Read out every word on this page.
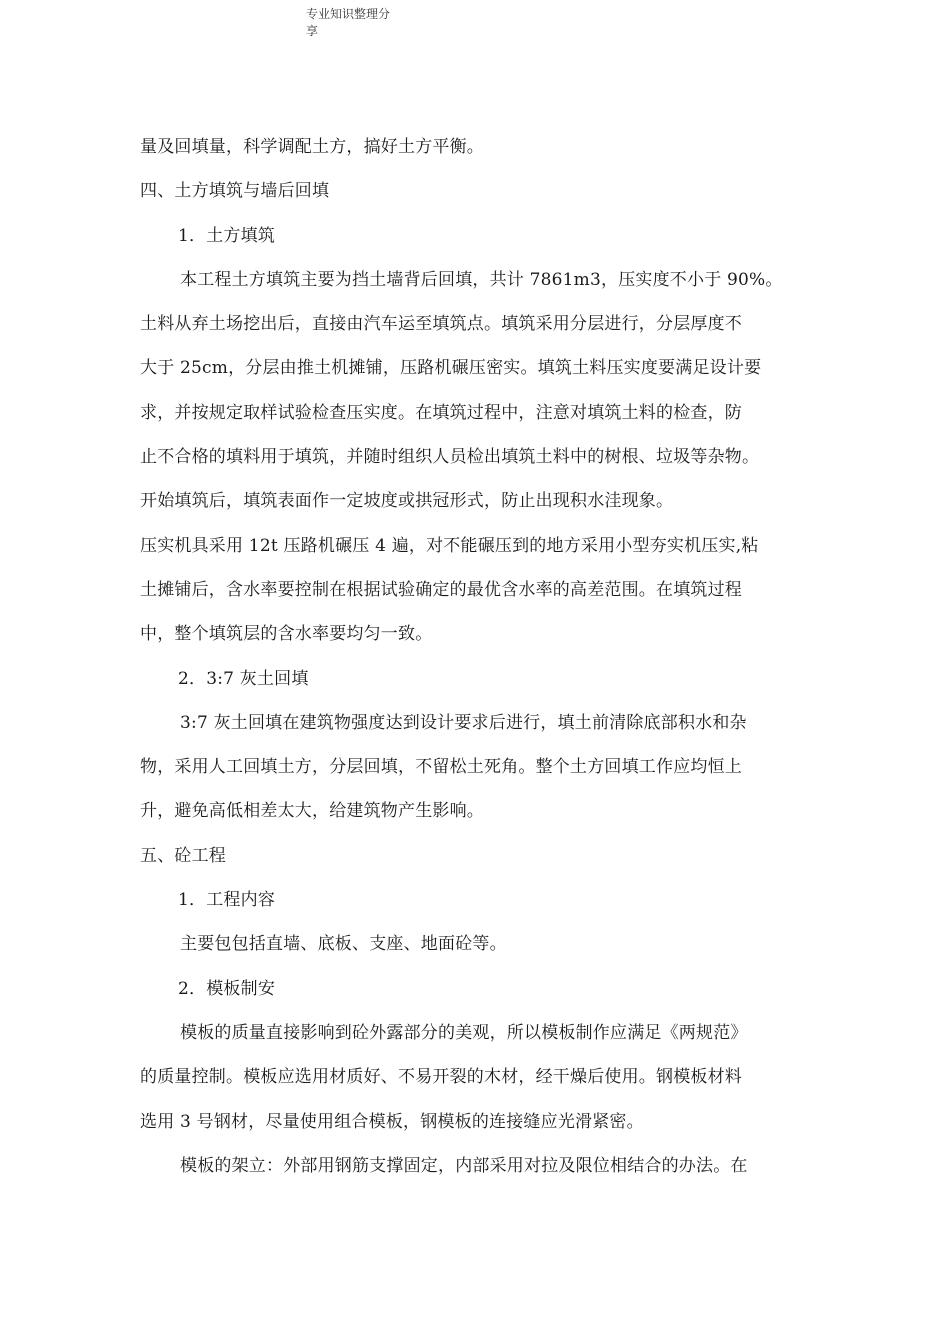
专业知识整理分
享
量及回填量，科学调配土方，搞好土方平衡。
四、土方填筑与墙后回填
1．土方填筑
本工程土方填筑主要为挡土墙背后回填，共计 7861m3，压实度不小于 90%。
土料从弃土场挖出后，直接由汽车运至填筑点。填筑采用分层进行，分层厚度不
大于 25cm，分层由推土机摊铺，压路机碾压密实。填筑土料压实度要满足设计要
求，并按规定取样试验检查压实度。在填筑过程中，注意对填筑土料的检查，防
止不合格的填料用于填筑，并随时组织人员检出填筑土料中的树根、垃圾等杂物。
开始填筑后，填筑表面作一定坡度或拱冠形式，防止出现积水洼现象。
压实机具采用 12t 压路机碾压 4 遍，对不能碾压到的地方采用小型夯实机压实,粘
土摊铺后，含水率要控制在根据试验确定的最优含水率的高差范围。在填筑过程
中，整个填筑层的含水率要均匀一致。
2．3:7 灰土回填
3:7 灰土回填在建筑物强度达到设计要求后进行，填土前清除底部积水和杂
物，采用人工回填土方，分层回填，不留松土死角。整个土方回填工作应均恒上
升，避免高低相差太大，给建筑物产生影响。
五、砼工程
1．工程内容
主要包包括直墙、底板、支座、地面砼等。
2．模板制安
模板的质量直接影响到砼外露部分的美观，所以模板制作应满足《两规范》
的质量控制。模板应选用材质好、不易开裂的木材，经干燥后使用。钢模板材料
选用 3 号钢材，尽量使用组合模板，钢模板的连接缝应光滑紧密。
模板的架立：外部用钢筋支撑固定，内部采用对拉及限位相结合的办法。在
